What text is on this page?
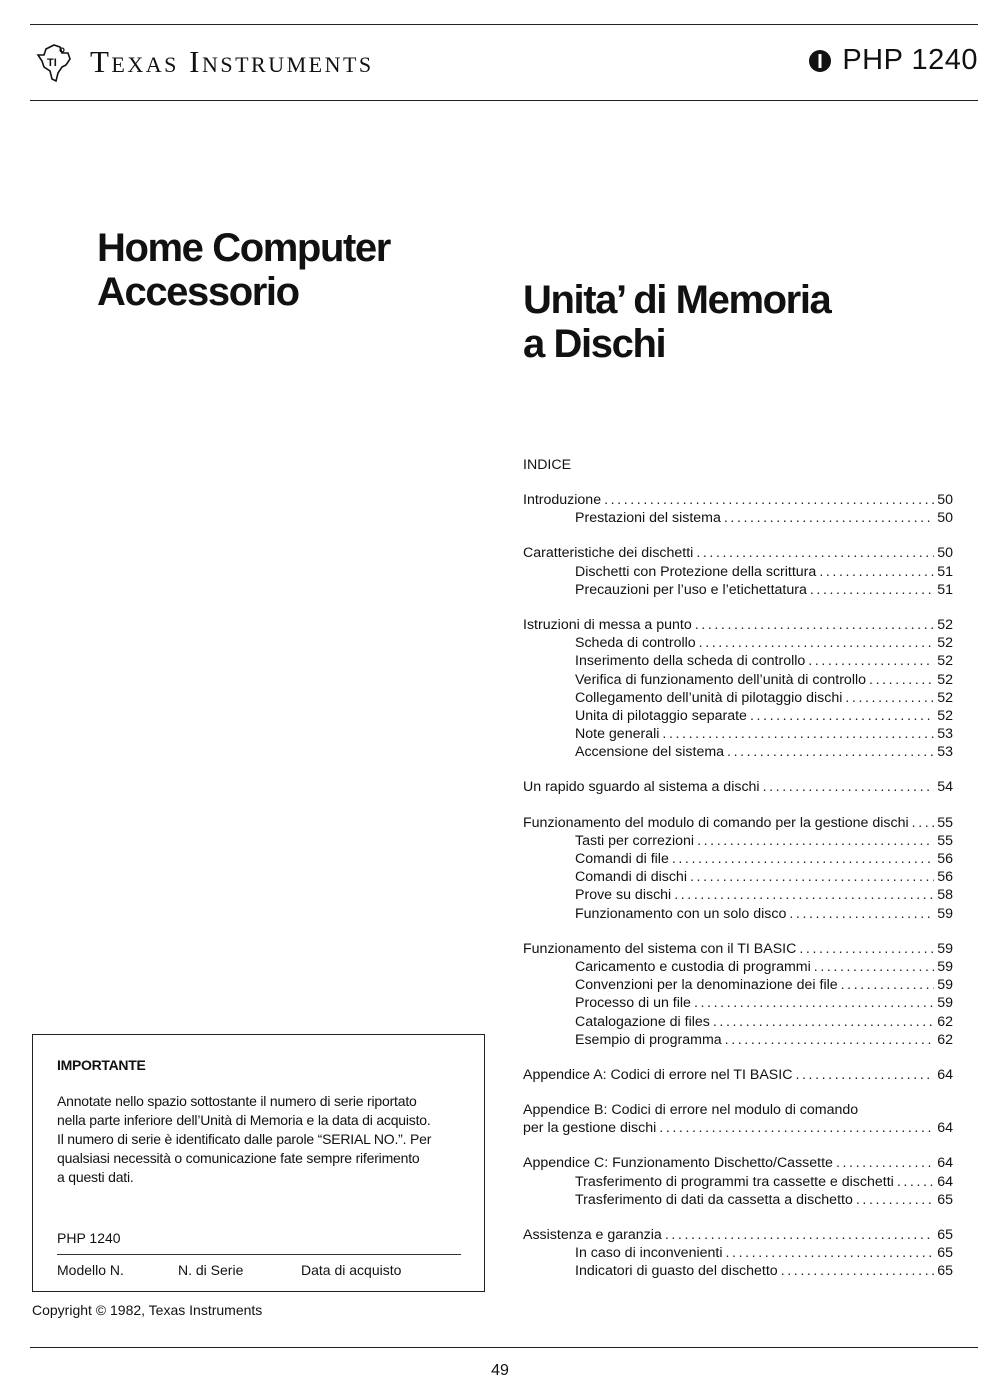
TI Texas Instruments	PHP 1240
Home Computer
Accessorio	Unita’ di Memoria
a Dischi
INDICE
Introduzione .....	50
Prestazioni del sistema .....	50
Caratteristiche dei dischetti .....	50
Dischetti con Protezione della scrittura .....	51
Precauzioni per l’uso e l’etichettatura .....	51
Istruzioni di messa a punto .....	52
Scheda di controllo .....	52
Inserimento della scheda di controllo .....	52
Verifica di funzionamento dell’unità di controllo .....	52
Collegamento dell’unità di pilotaggio dischi .....	52
Unita di pilotaggio separate .....	52
Note generali .....	53
Accensione del sistema .....	53
Un rapido sguardo al sistema a dischi .....	54
Funzionamento del modulo di comando per la gestione dischi ..... 55
Tasti per correzioni .....	55
Comandi di file .....	56
Comandi di dischi .....	56
Prove su dischi .....	58
Funzionamento con un solo disco .....	59
Funzionamento del sistema con il TI BASIC .....	59
Caricamento e custodia di programmi .....	59
Convenzioni per la denominazione dei file .....	59
Processo di un file .....	59
Catalogazione di files .....	62
Esempio di programma .....	62
Appendice A: Codici di errore nel TI BASIC .....	64
Appendice B: Codici di errore nel modulo di comando
per la gestione dischi .....	64
Appendice C: Funzionamento Dischetto/Cassette .....	64
Trasferimento di programmi tra cassette e dischetti .....	64
Trasferimento di dati da cassetta a dischetto .....	65
Assistenza e garanzia .....	65
In caso di inconvenienti .....	65
Indicatori di guasto del dischetto .....	65
IMPORTANTE
Annotate nello spazio sottostante il numero di serie riportato
nella parte inferiore dell’Unità di Memoria e la data di acquisto.
Il numero di serie è identificato dalle parole “SERIAL NO.”. Per
qualsiasi necessità o comunicazione fate sempre riferimento
a questi dati.
PHP 1240
Modello N.	N. di Serie	Data di acquisto
Copyright © 1982, Texas Instruments
49
